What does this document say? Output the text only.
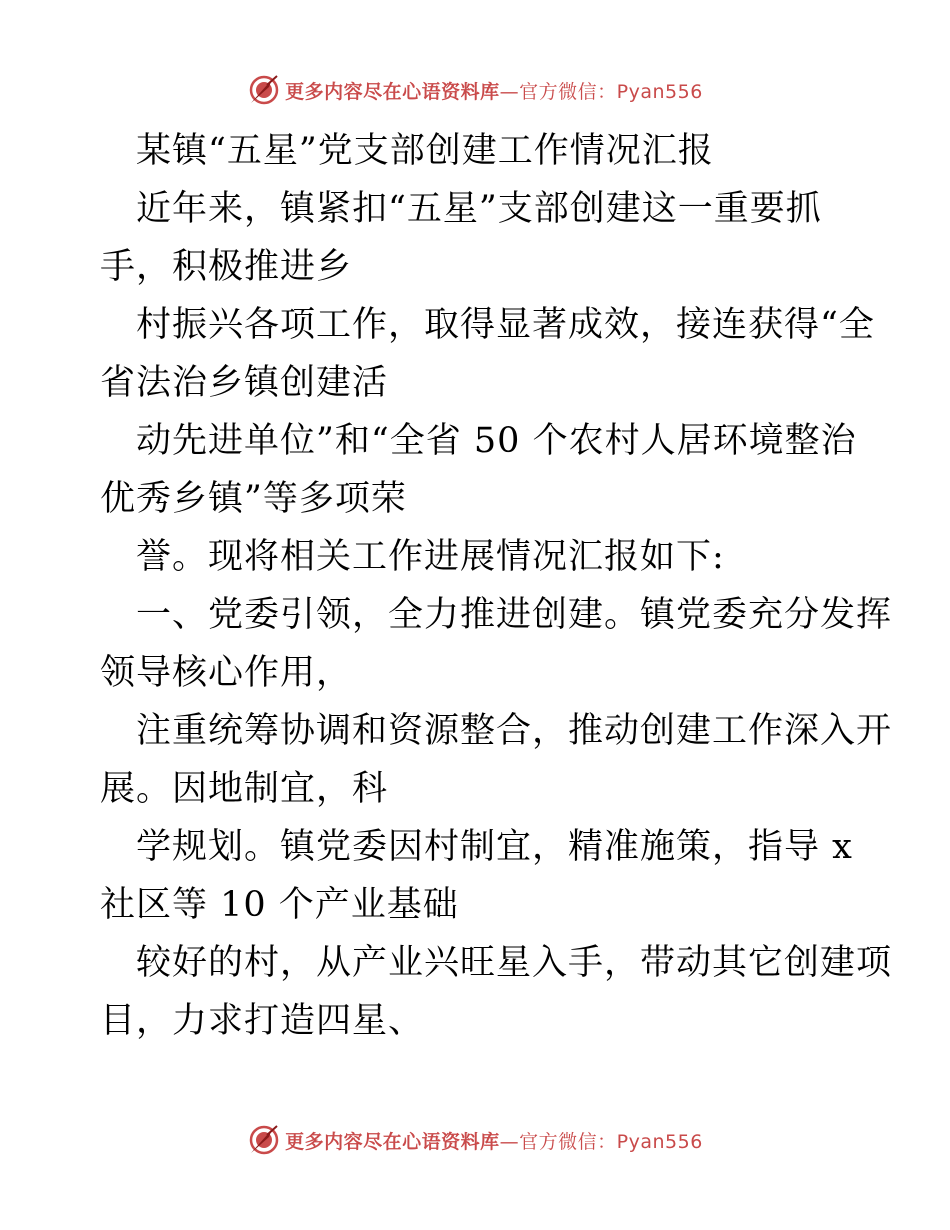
更多内容尽在心语资料库 —官方微信：Pyan556
某镇“五星”党支部创建工作情况汇报
近年来，镇紧扣“五星”支部创建这一重要抓
手，积极推进乡
村振兴各项工作，取得显著成效，接连获得“全
省法治乡镇创建活
动先进单位”和“全省 50 个农村人居环境整治
优秀乡镇”等多项荣
誉。现将相关工作进展情况汇报如下:
一、党委引领，全力推进创建。镇党委充分发挥
领导核心作用，
注重统筹协调和资源整合，推动创建工作深入开
展。因地制宜，科
学规划。镇党委因村制宜，精准施策，指导 x
社区等 10 个产业基础
较好的村，从产业兴旺星入手，带动其它创建项
目，力求打造四星、
更多内容尽在心语资料库 —官方微信：Pyan556
